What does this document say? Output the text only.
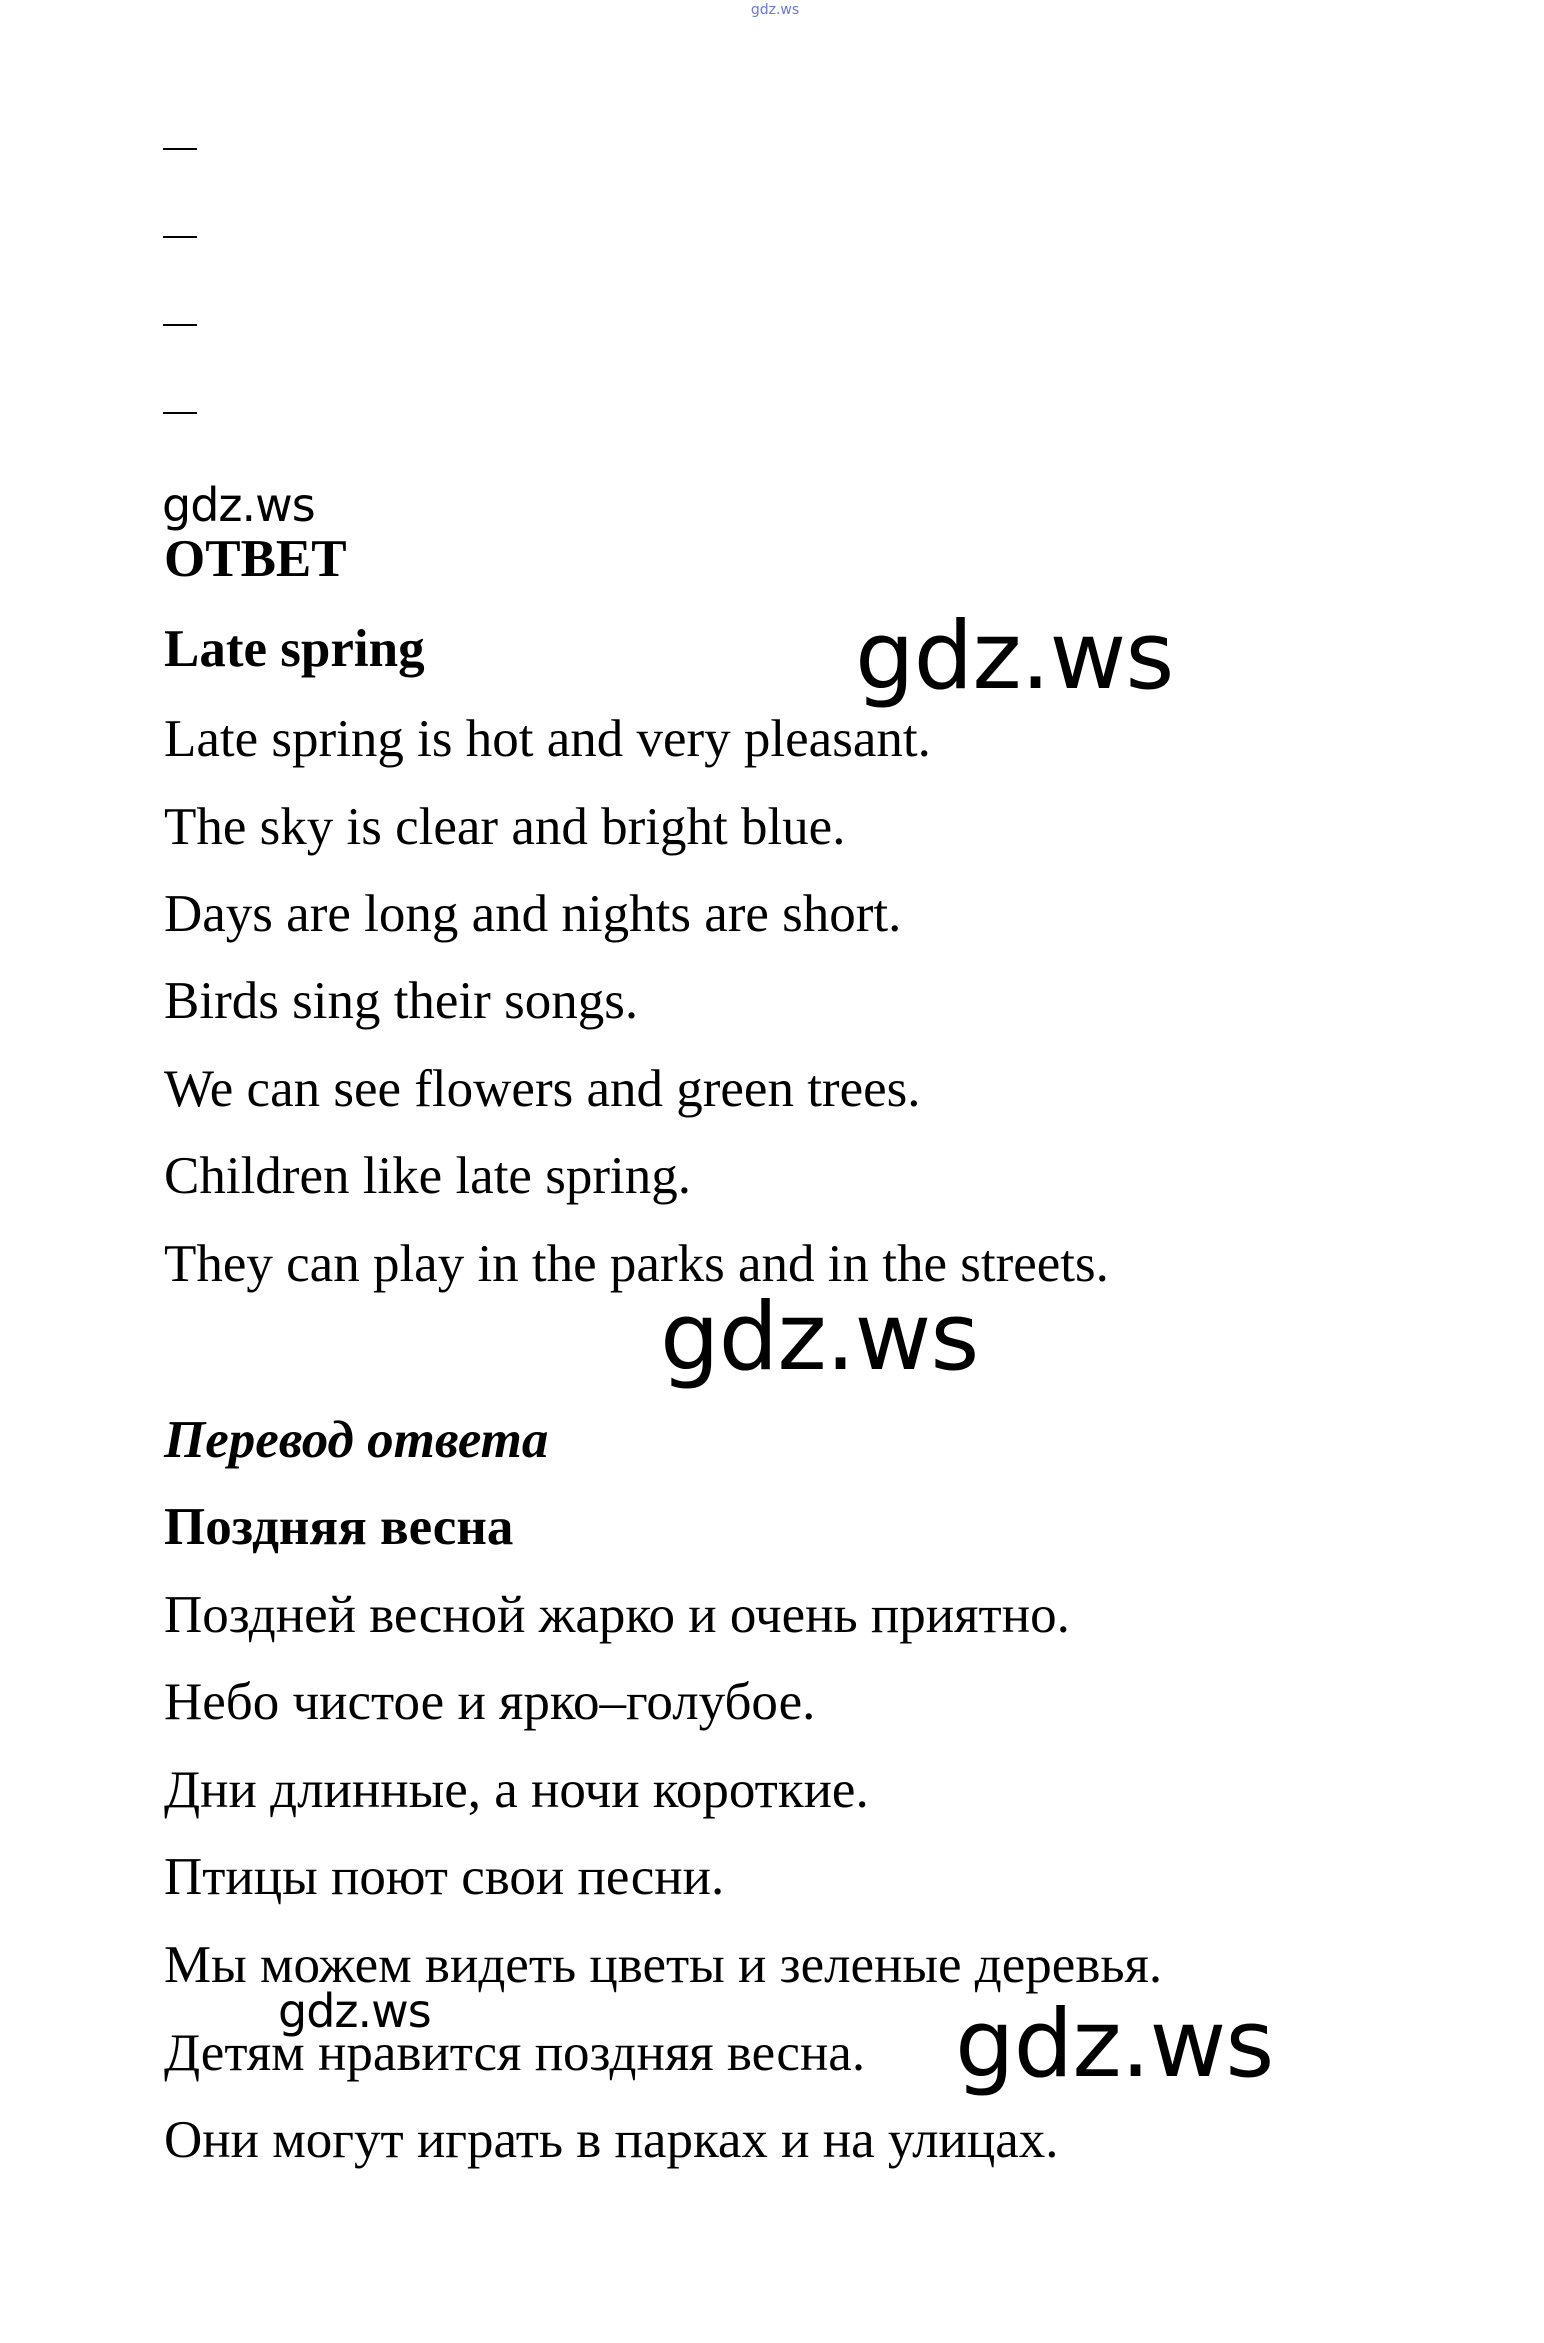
gdz.ws
gdz.ws
ОТВЕТ
Late spring	gdz.ws
Late spring is hot and very pleasant.
The sky is clear and bright blue.
Days are long and nights are short.
Birds sing their songs.
We can see flowers and green trees.
Children like late spring.
They can play in the parks and in the streets.
gdz.ws
Перевод ответа
Поздняя весна
Поздней весной жарко и очень приятно.
Небо чистое и ярко–голубое.
Дни длинные, а ночи короткие.
Птицы поют свои песни.
Мы можем видеть цветы и зеленые деревья.
Детям нравится поздняя весна.
Они могут играть в парках и на улицах.
gdz.ws	gdz.ws
